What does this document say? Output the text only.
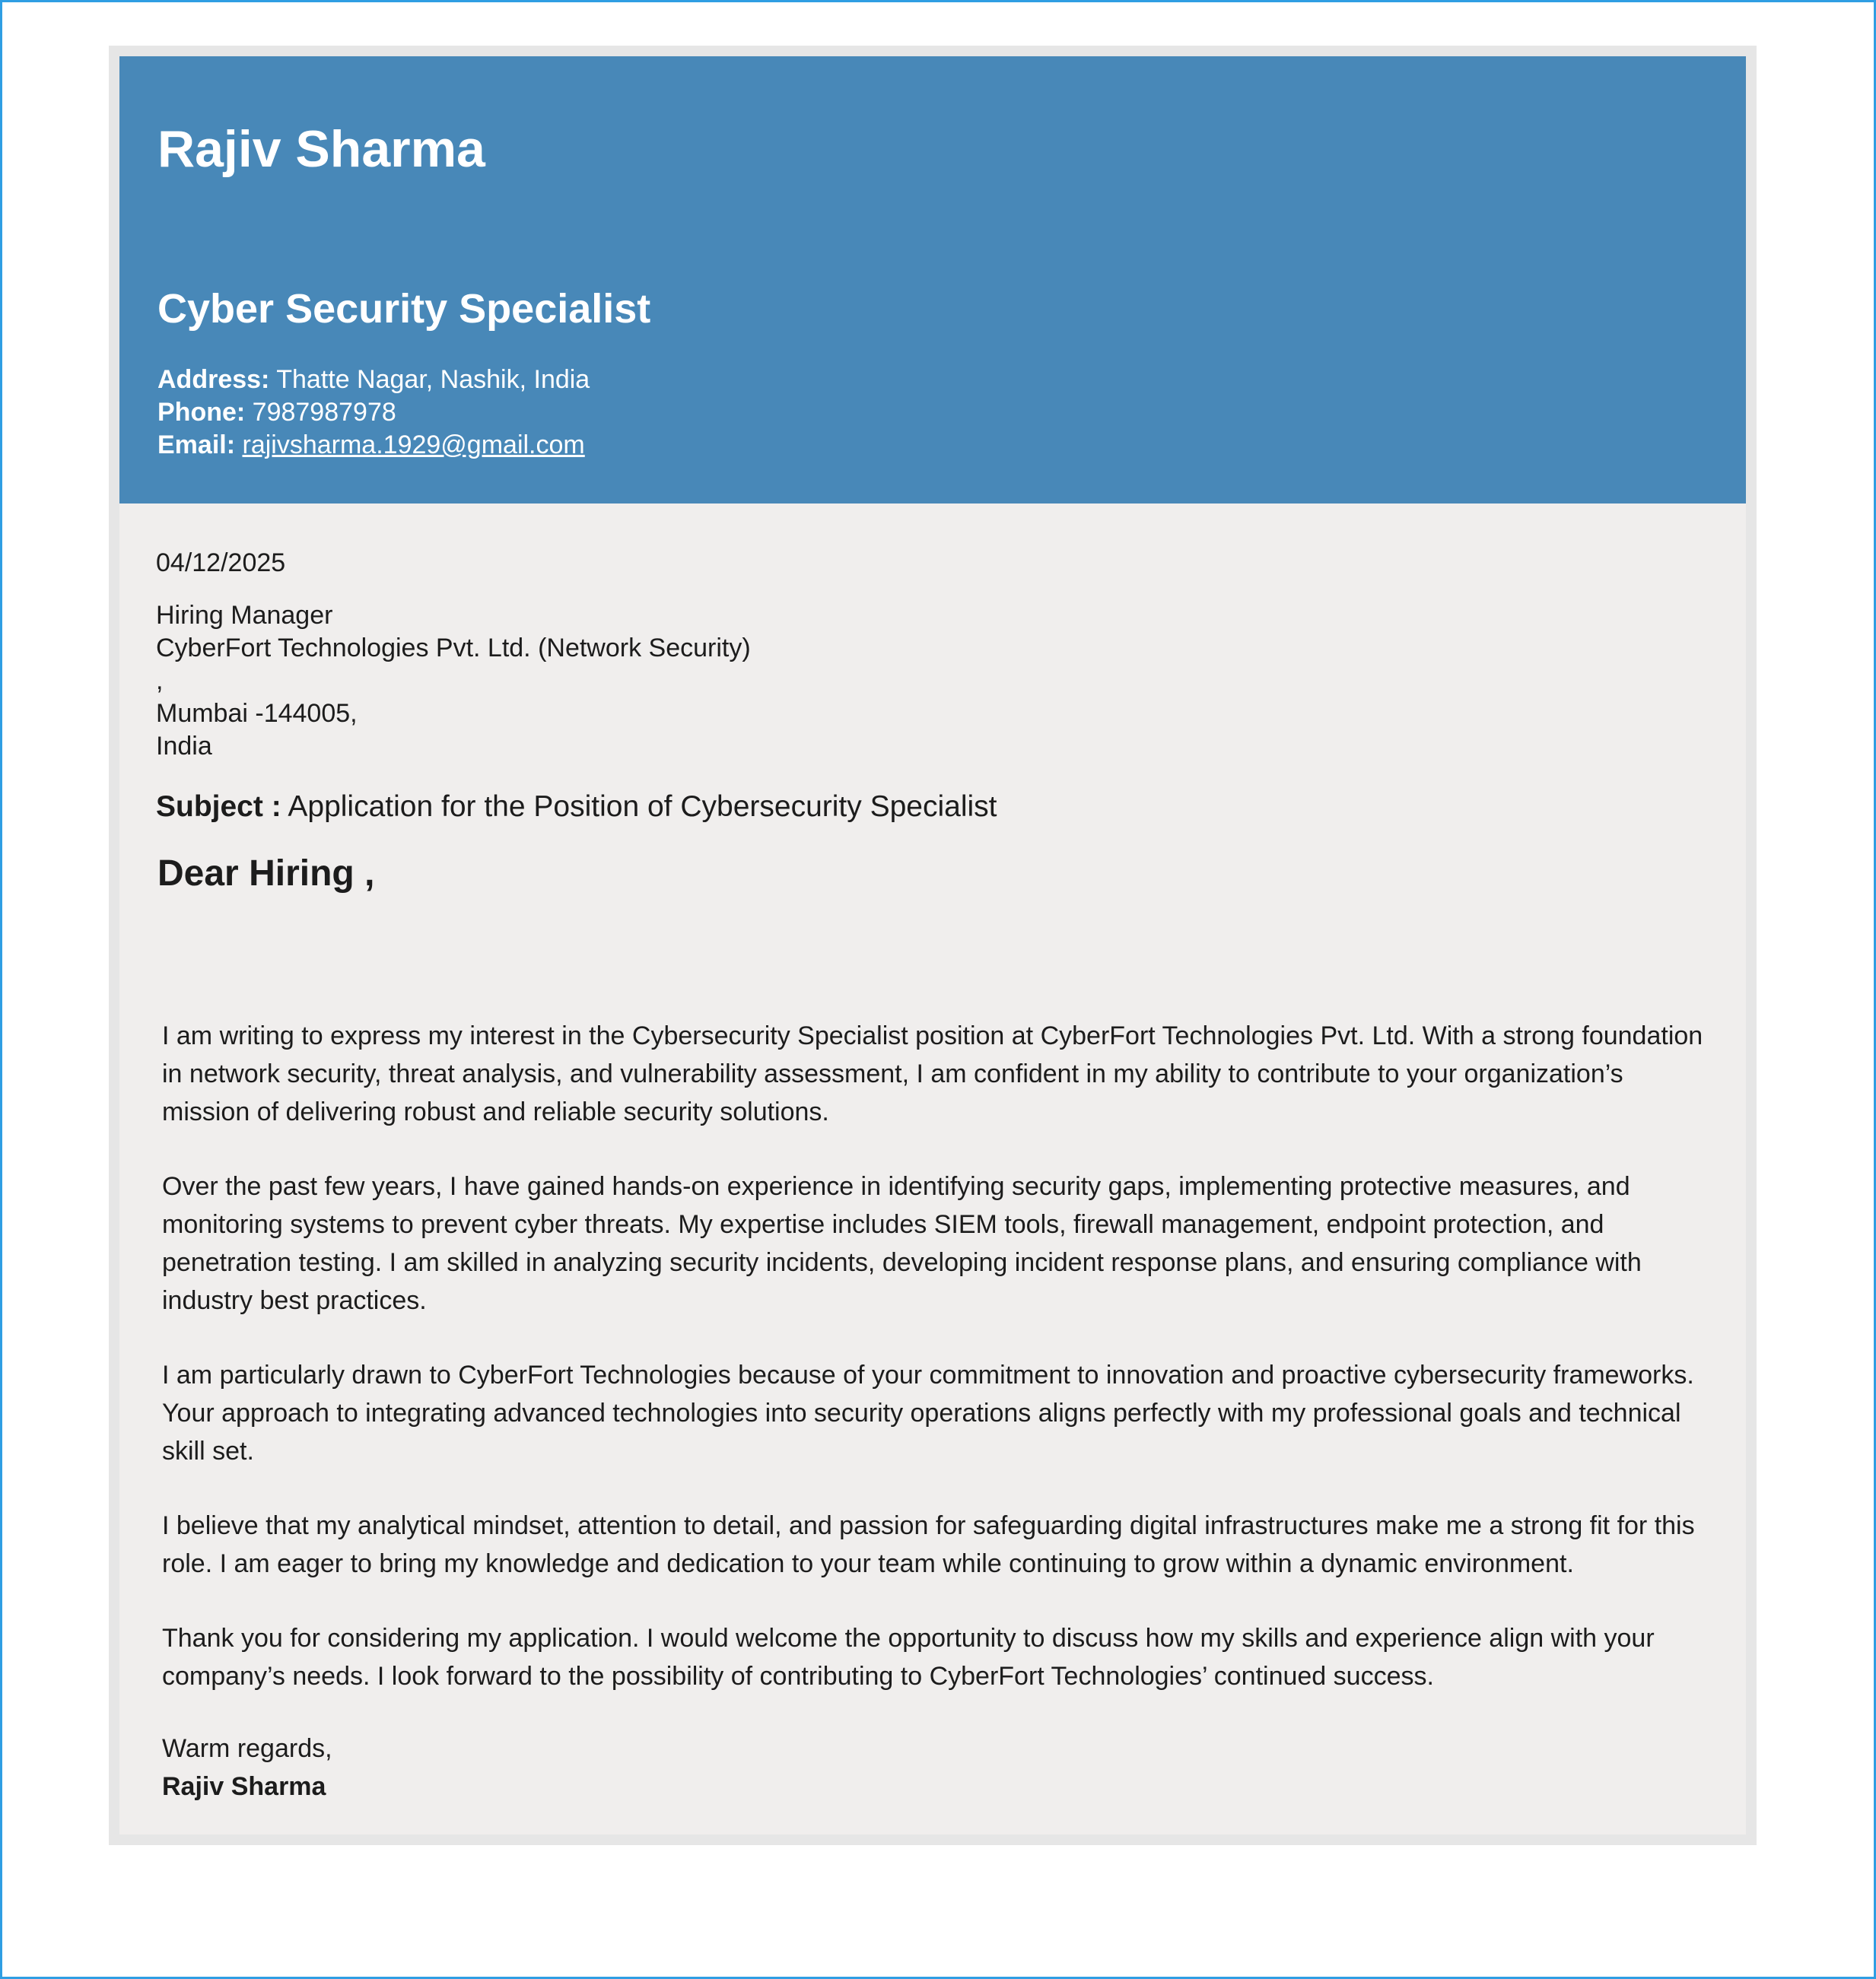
Rajiv Sharma
Cyber Security Specialist
Address: Thatte Nagar, Nashik, India
Phone: 7987987978
Email: rajivsharma.1929@gmail.com
04/12/2025
Hiring Manager
CyberFort Technologies Pvt. Ltd. (Network Security)
,
Mumbai -144005,
India
Subject : Application for the Position of Cybersecurity Specialist
Dear Hiring ,

I am writing to express my interest in the Cybersecurity Specialist position at CyberFort Technologies Pvt. Ltd. With a strong foundation in network security, threat analysis, and vulnerability assessment, I am confident in my ability to contribute to your organization’s mission of delivering robust and reliable security solutions.

Over the past few years, I have gained hands-on experience in identifying security gaps, implementing protective measures, and monitoring systems to prevent cyber threats. My expertise includes SIEM tools, firewall management, endpoint protection, and penetration testing. I am skilled in analyzing security incidents, developing incident response plans, and ensuring compliance with industry best practices.

I am particularly drawn to CyberFort Technologies because of your commitment to innovation and proactive cybersecurity frameworks. Your approach to integrating advanced technologies into security operations aligns perfectly with my professional goals and technical skill set.

I believe that my analytical mindset, attention to detail, and passion for safeguarding digital infrastructures make me a strong fit for this role. I am eager to bring my knowledge and dedication to your team while continuing to grow within a dynamic environment.

Thank you for considering my application. I would welcome the opportunity to discuss how my skills and experience align with your company’s needs. I look forward to the possibility of contributing to CyberFort Technologies’ continued success.

Warm regards,
Rajiv Sharma
